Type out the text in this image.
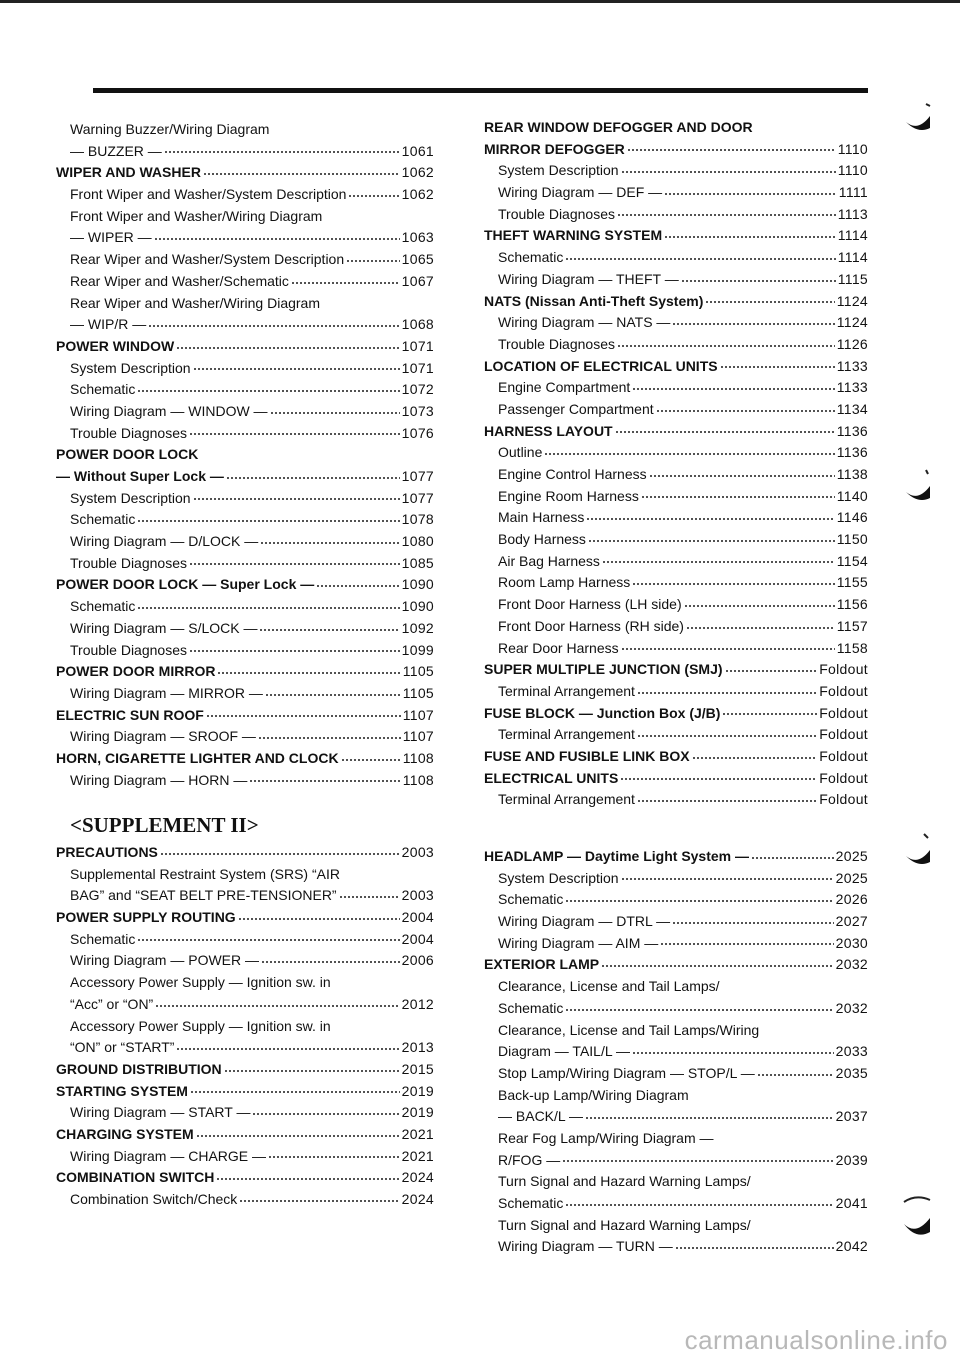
Warning Buzzer/Wiring Diagram
— BUZZER —	1061
WIPER AND WASHER	1062
Front Wiper and Washer/System Description	1062
Front Wiper and Washer/Wiring Diagram
— WIPER —	1063
Rear Wiper and Washer/System Description	1065
Rear Wiper and Washer/Schematic	1067
Rear Wiper and Washer/Wiring Diagram
— WIP/R —	1068
POWER WINDOW	1071
System Description	1071
Schematic	1072
Wiring Diagram — WINDOW —	1073
Trouble Diagnoses	1076
POWER DOOR LOCK
— Without Super Lock —	1077
System Description	1077
Schematic	1078
Wiring Diagram — D/LOCK —	1080
Trouble Diagnoses	1085
POWER DOOR LOCK — Super Lock —	1090
Schematic	1090
Wiring Diagram — S/LOCK —	1092
Trouble Diagnoses	1099
POWER DOOR MIRROR	1105
Wiring Diagram — MIRROR —	1105
ELECTRIC SUN ROOF	1107
Wiring Diagram — SROOF —	1107
HORN, CIGARETTE LIGHTER AND CLOCK	1108
Wiring Diagram — HORN —	1108
REAR WINDOW DEFOGGER AND DOOR
MIRROR DEFOGGER	1110
System Description	1110
Wiring Diagram — DEF —	1111
Trouble Diagnoses	1113
THEFT WARNING SYSTEM	1114
Schematic	1114
Wiring Diagram — THEFT —	1115
NATS (Nissan Anti-Theft System)	1124
Wiring Diagram — NATS —	1124
Trouble Diagnoses	1126
LOCATION OF ELECTRICAL UNITS	1133
Engine Compartment	1133
Passenger Compartment	1134
HARNESS LAYOUT	1136
Outline	1136
Engine Control Harness	1138
Engine Room Harness	1140
Main Harness	1146
Body Harness	1150
Air Bag Harness	1154
Room Lamp Harness	1155
Front Door Harness (LH side)	1156
Front Door Harness (RH side)	1157
Rear Door Harness	1158
SUPER MULTIPLE JUNCTION (SMJ)	Foldout
Terminal Arrangement	Foldout
FUSE BLOCK — Junction Box (J/B)	Foldout
Terminal Arrangement	Foldout
FUSE AND FUSIBLE LINK BOX	Foldout
ELECTRICAL UNITS	Foldout
Terminal Arrangement	Foldout
<SUPPLEMENT II>
PRECAUTIONS	2003
Supplemental Restraint System (SRS) “AIR
BAG” and “SEAT BELT PRE-TENSIONER”	2003
POWER SUPPLY ROUTING	2004
Schematic	2004
Wiring Diagram — POWER —	2006
Accessory Power Supply — Ignition sw. in
“Acc” or “ON”	2012
Accessory Power Supply — Ignition sw. in
“ON” or “START”	2013
GROUND DISTRIBUTION	2015
STARTING SYSTEM	2019
Wiring Diagram — START —	2019
CHARGING SYSTEM	2021
Wiring Diagram — CHARGE —	2021
COMBINATION SWITCH	2024
Combination Switch/Check	2024
HEADLAMP — Daytime Light System —	2025
System Description	2025
Schematic	2026
Wiring Diagram — DTRL —	2027
Wiring Diagram — AIM —	2030
EXTERIOR LAMP	2032
Clearance, License and Tail Lamps/
Schematic	2032
Clearance, License and Tail Lamps/Wiring
Diagram — TAIL/L —	2033
Stop Lamp/Wiring Diagram — STOP/L —	2035
Back-up Lamp/Wiring Diagram
— BACK/L —	2037
Rear Fog Lamp/Wiring Diagram —
R/FOG —	2039
Turn Signal and Hazard Warning Lamps/
Schematic	2041
Turn Signal and Hazard Warning Lamps/
Wiring Diagram — TURN —	2042
carmanualsonline.info
